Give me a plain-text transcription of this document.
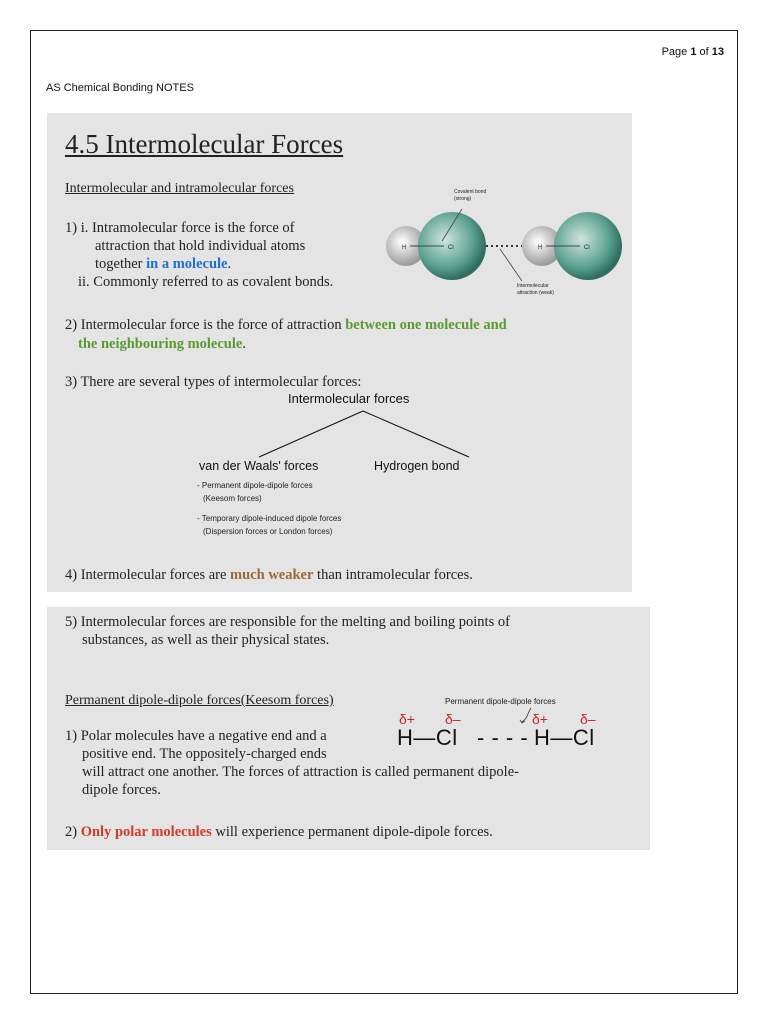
Page 1 of 13
AS Chemical Bonding NOTES
4.5 Intermolecular Forces
Intermolecular and intramolecular forces
1) i. Intramolecular force is the force of
attraction that hold individual atoms
together in a molecule.
ii. Commonly referred to as covalent bonds.
H	Cl	H	Cl
Covalent bond
(strong)
Intermolecular
attraction (weak)
2) Intermolecular force is the force of attraction between one molecule and
the neighbouring molecule.
3) There are several types of intermolecular forces:
Intermolecular forces
van der Waals' forces	Hydrogen bond
- Permanent dipole-dipole forces
(Keesom forces)
- Temporary dipole-induced dipole forces
(Dispersion forces or London forces)
4) Intermolecular forces are much weaker than intramolecular forces.
5) Intermolecular forces are responsible for the melting and boiling points of
substances, as well as their physical states.
Permanent dipole-dipole forces(Keesom forces)
1) Polar molecules have a negative end and a
positive end. The oppositely-charged ends
will attract one another. The forces of attraction is called permanent dipole-
dipole forces.
2) Only polar molecules will experience permanent dipole-dipole forces.
Permanent dipole-dipole forces
δ+ δ–	δ+ δ–
H—Cl - - - - H—Cl
